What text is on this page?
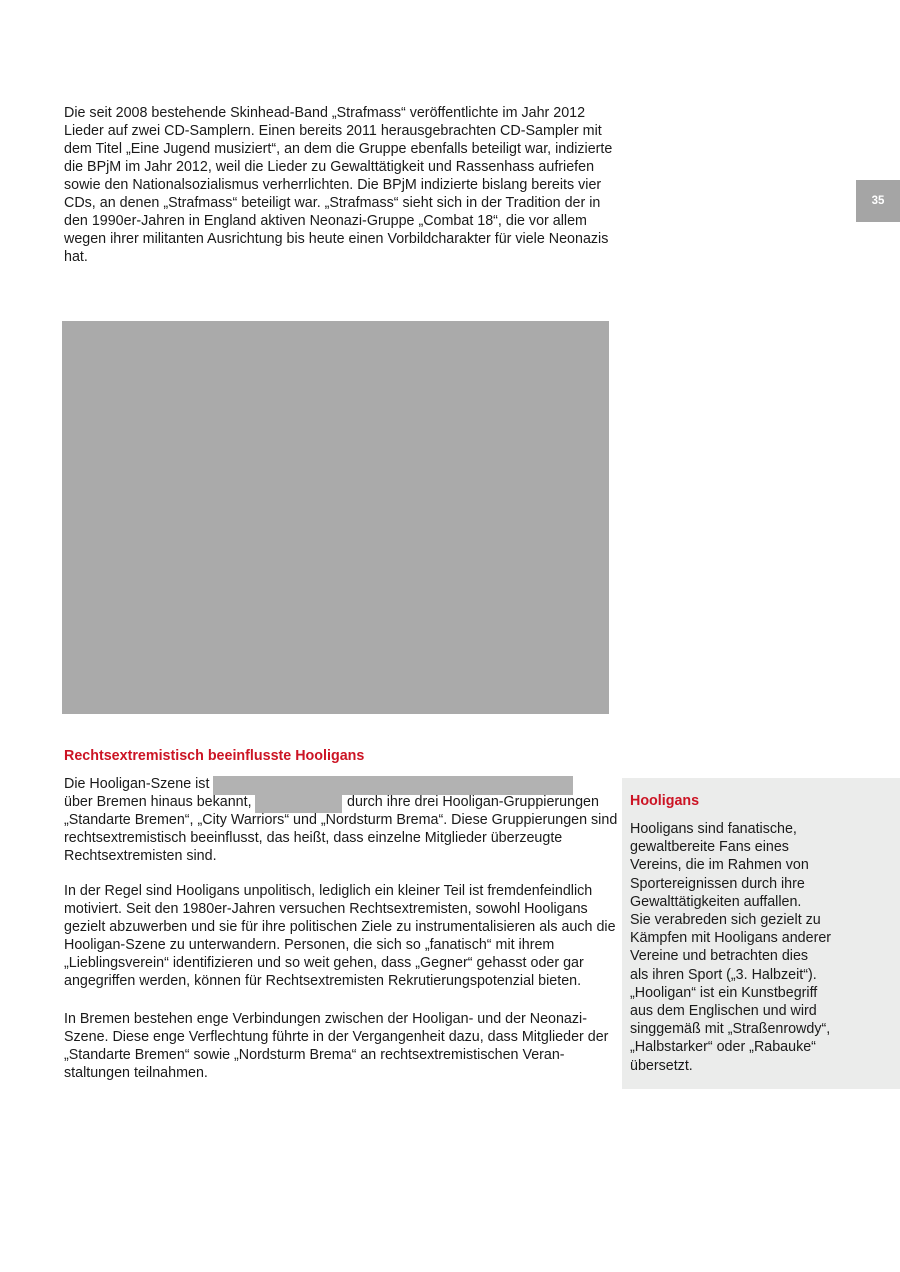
Die seit 2008 bestehende Skinhead-Band „Strafmass“ veröffentlichte im Jahr 2012 Lieder auf zwei CD-Samplern. Einen bereits 2011 herausgebrachten CD-Sampler mit dem Titel „Eine Jugend musiziert“, an dem die Gruppe ebenfalls beteiligt war, indizierte die BPjM im Jahr 2012, weil die Lieder zu Gewalttätigkeit und Rassenhass aufriefen sowie den Nationalsozialismus verherrlichten. Die BPjM indizierte bislang bereits vier CDs, an denen „Strafmass“ beteiligt war. „Strafmass“ sieht sich in der Tradition der in den 1990er-Jahren in England aktiven Neonazi-Gruppe „Combat 18“, die vor allem wegen ihrer militanten Ausrichtung bis heute einen Vorbildcharakter für viele Neonazis hat.

35
Rechtsextremistisch beeinflusste Hooligans
Die Hooligan-Szene ist
über Bremen hinaus bekannt,	durch ihre drei Hooligan-Gruppierungen

„Standarte Bremen“, „City Warriors“ und „Nordsturm Brema“. Diese Gruppierungen sind rechtsextremistisch beeinflusst, das heißt, dass einzelne Mitglieder überzeugte Rechtsextremisten sind.

In der Regel sind Hooligans unpolitisch, lediglich ein kleiner Teil ist fremdenfeindlich motiviert. Seit den 1980er-Jahren versuchen Rechtsextremisten, sowohl Hooligans gezielt abzuwerben und sie für ihre politischen Ziele zu instrumentalisieren als auch die Hooligan-Szene zu unterwandern. Personen, die sich so „fanatisch“ mit ihrem „Lieblingsverein“ identifizieren und so weit gehen, dass „Gegner“ gehasst oder gar angegriffen werden, können für Rechtsextremisten Rekrutierungspotenzial bieten.

In Bremen bestehen enge Verbindungen zwischen der Hooligan- und der Neonazi-Szene. Diese enge Verflechtung führte in der Vergangenheit dazu, dass Mitglieder der „Standarte Bremen“ sowie „Nordsturm Brema“ an rechtsextremistischen Veran-staltungen teilnahmen.

Hooligans

Hooligans sind fanatische,
gewaltbereite Fans eines
Vereins, die im Rahmen von
Sportereignissen durch ihre
Gewalttätigkeiten auffallen.
Sie verabreden sich gezielt zu
Kämpfen mit Hooligans anderer
Vereine und betrachten dies
als ihren Sport („3. Halbzeit“).
„Hooligan“ ist ein Kunstbegriff
aus dem Englischen und wird
singgemäß mit „Straßenrowdy“,
„Halbstarker“ oder „Rabauke“
übersetzt.
